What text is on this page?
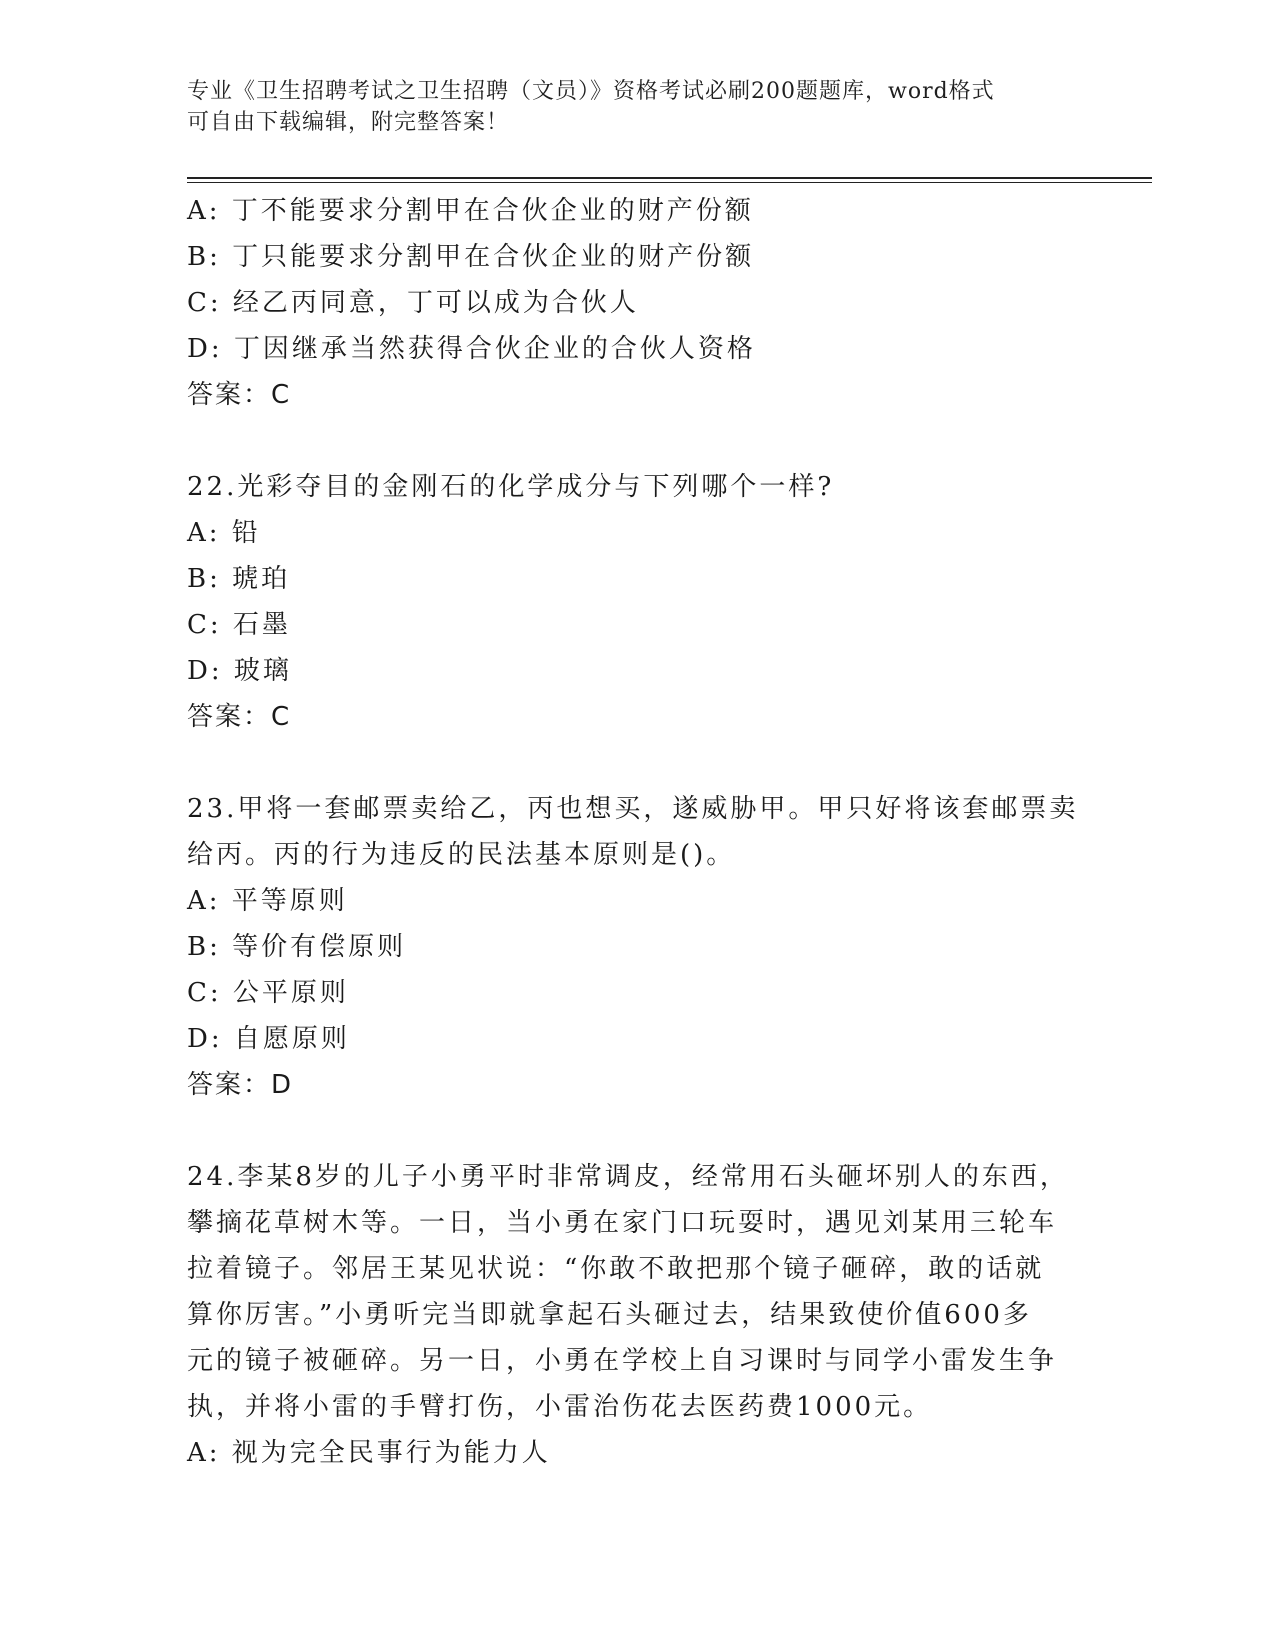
专业《卫生招聘考试之卫生招聘（文员）》资格考试必刷200题题库，word格式
可自由下载编辑，附完整答案！
A: 丁不能要求分割甲在合伙企业的财产份额
B: 丁只能要求分割甲在合伙企业的财产份额
C: 经乙丙同意，丁可以成为合伙人
D: 丁因继承当然获得合伙企业的合伙人资格
答案：C
22.光彩夺目的金刚石的化学成分与下列哪个一样?
A: 铅
B: 琥珀
C: 石墨
D: 玻璃
答案：C
23.甲将一套邮票卖给乙，丙也想买，遂威胁甲。甲只好将该套邮票卖
给丙。丙的行为违反的民法基本原则是()。
A: 平等原则
B: 等价有偿原则
C: 公平原则
D: 自愿原则
答案：D
24.李某8岁的儿子小勇平时非常调皮，经常用石头砸坏别人的东西，
攀摘花草树木等。一日，当小勇在家门口玩耍时，遇见刘某用三轮车
拉着镜子。邻居王某见状说：“你敢不敢把那个镜子砸碎，敢的话就
算你厉害。”小勇听完当即就拿起石头砸过去，结果致使价值600多
元的镜子被砸碎。另一日，小勇在学校上自习课时与同学小雷发生争
执，并将小雷的手臂打伤，小雷治伤花去医药费1000元。
A: 视为完全民事行为能力人
